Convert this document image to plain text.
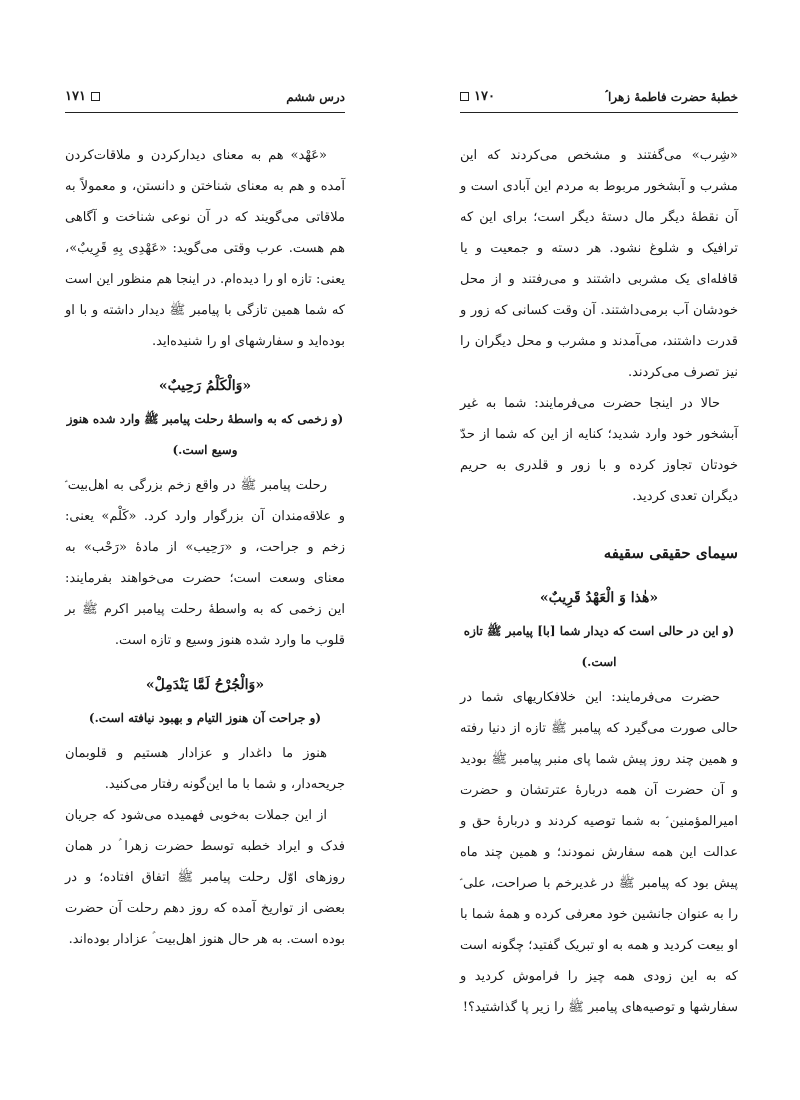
درس ششم
۱۷۱

«عَهْد» هم به معنای دیدارکردن و ملاقات‌کردن آمده و هم به معنای شناختن و دانستن، و معمولاً به ملاقاتی می‌گویند که در آن نوعی شناخت و آگاهی هم هست. عرب وقتی می‌گوید: «عَهْدِی بِهِ قَرِیبٌ»، یعنی: تازه او را دیده‌ام. در اینجا هم منظور این است که شما همین تازگی با پیامبر ﷺ دیدار داشته و با او بوده‌اید و سفارشهای او را شنیده‌اید.

«وَالْكَلْمُ رَحِيبٌ»
(و زخمی که به واسطهٔ رحلت پیامبر ﷺ وارد شده هنوز وسیع است.)

رحلت پیامبر ﷺ در واقع زخم بزرگی به اهل‌بیت ؑ و علاقه‌مندان آن بزرگوار وارد کرد. «كَلْم» یعنی: زخم و جراحت، و «رَحِيب» از مادهٔ «رَحْب» به معنای وسعت است؛ حضرت می‌خواهند بفرمایند: این زخمی که به واسطهٔ رحلت پیامبر اکرم ﷺ بر قلوب ما وارد شده هنوز وسیع و تازه است.

«وَالْجُرْحُ لَمَّا يَنْدَمِلْ»
(و جراحت آن هنوز التیام و بهبود نیافته است.)

هنوز ما داغدار و عزادار هستیم و قلوبمان جریحه‌دار، و شما با ما این‌گونه رفتار می‌کنید.

از این جملات به‌خوبی فهمیده می‌شود که جریان فدک و ایراد خطبه توسط حضرت زهرا ؑ در همان روزهای اوّل رحلت پیامبر ﷺ اتفاق افتاده؛ و در بعضی از تواریخ آمده که روز دهم رحلت آن حضرت بوده است. به هر حال هنوز اهل‌بیت ؑ عزادار بوده‌اند.

خطبهٔ حضرت فاطمهٔ زهرا ؑ
۱۷۰

«شِرب» می‌گفتند و مشخص می‌کردند که این مشرب و آبشخور مربوط به مردم این آبادی است و آن نقطهٔ دیگر مال دستهٔ دیگر است؛ برای این که ترافیک و شلوغ نشود. هر دسته و جمعیت و یا قافله‌ای یک مشربی داشتند و می‌رفتند و از محل خودشان آب برمی‌داشتند. آن وقت کسانی که زور و قدرت داشتند، می‌آمدند و مشرب و محل دیگران را نیز تصرف می‌کردند.

حالا در اینجا حضرت می‌فرمایند: شما به غیر آبشخور خود وارد شدید؛ کنایه از این که شما از حدّ خودتان تجاوز کرده و با زور و قلدری به حریم دیگران تعدی کردید.

سیمای حقیقی سقیفه
«هٰذا وَ الْعَهْدُ قَرِيبٌ»
(و این در حالی است که دیدار شما [با] پیامبر ﷺ تازه است.)

حضرت می‌فرمایند: این خلافکاریهای شما در حالی صورت می‌گیرد که پیامبر ﷺ تازه از دنیا رفته و همین چند روز پیش شما پای منبر پیامبر ﷺ بودید و آن حضرت آن همه دربارهٔ عترتشان و حضرت امیرالمؤمنین ؑ به شما توصیه کردند و دربارهٔ حق و عدالت این همه سفارش نمودند؛ و همین چند ماه پیش بود که پیامبر ﷺ در غدیرخم با صراحت، علی ؑ را به عنوان جانشین خود معرفی کرده و همهٔ شما با او بیعت کردید و همه به او تبریک گفتید؛ چگونه است که به این زودی همه چیز را فراموش کردید و سفارشها و توصیه‌های پیامبر ﷺ را زیر پا گذاشتید؟!
